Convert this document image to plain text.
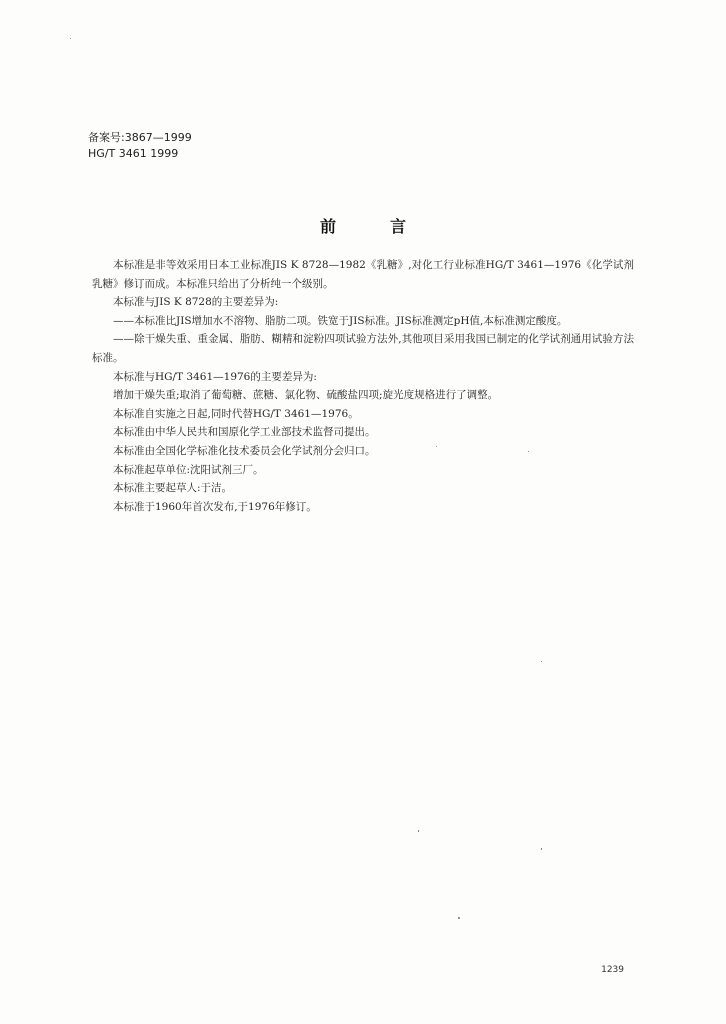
备案号:3867—1999
HG/T 3461 1999
前言

本标准是非等效采用日本工业标准JIS K 8728—1982《乳糖》,对化工行业标准HG/T 3461—1976《化学试剂 乳糖》修订而成。本标准只给出了分析纯一个级别。

本标准与JIS K 8728的主要差异为:

——本标准比JIS增加水不溶物、脂肪二项。铁宽于JIS标准。JIS标准测定pH值,本标准测定酸度。

——除干燥失重、重金属、脂肪、糊精和淀粉四项试验方法外,其他项目采用我国已制定的化学试剂通用试验方法标准。

本标准与HG/T 3461—1976的主要差异为:

增加干燥失重;取消了葡萄糖、蔗糖、氯化物、硫酸盐四项;旋光度规格进行了调整。

本标准自实施之日起,同时代替HG/T 3461—1976。

本标准由中华人民共和国原化学工业部技术监督司提出。

本标准由全国化学标准化技术委员会化学试剂分会归口。

本标准起草单位:沈阳试剂三厂。

本标准主要起草人:于洁。

本标准于1960年首次发布,于1976年修订。

1239
